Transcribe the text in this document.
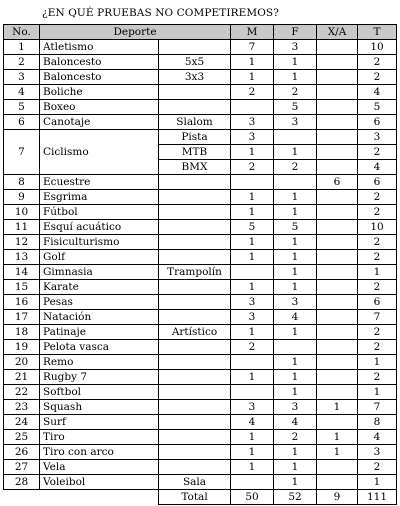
¿EN QUÉ PRUEBAS NO COMPETIREMOS?
No.	Deporte		M	F	X/A	T
1	Atletismo		7	3		10
2	Baloncesto	5x5	1	1		2
3	Baloncesto	3x3	1	1		2
4	Boliche		2	2		4
5	Boxeo			5		5
6	Canotaje	Slalom	3	3		6
7	Ciclismo	Pista	3			3
		MTB	1	1		2
		BMX	2	2		4
8	Ecuestre				6	6
9	Esgrima		1	1		2
10	Fútbol		1	1		2
11	Esquí acuático		5	5		10
12	Fisiculturismo		1	1		2
13	Golf		1	1		2
14	Gimnasia	Trampolín		1		1
15	Karate		1	1		2
16	Pesas		3	3		6
17	Natación		3	4		7
18	Patinaje	Artístico	1	1		2
19	Pelota vasca		2			2
20	Remo			1		1
21	Rugby 7		1	1		2
22	Softbol			1		1
23	Squash		3	3	1	7
24	Surf		4	4		8
25	Tiro		1	2	1	4
26	Tiro con arco		1	1	1	3
27	Vela		1	1		2
28	Voleibol	Sala		1		1
		Total	50	52	9	111
